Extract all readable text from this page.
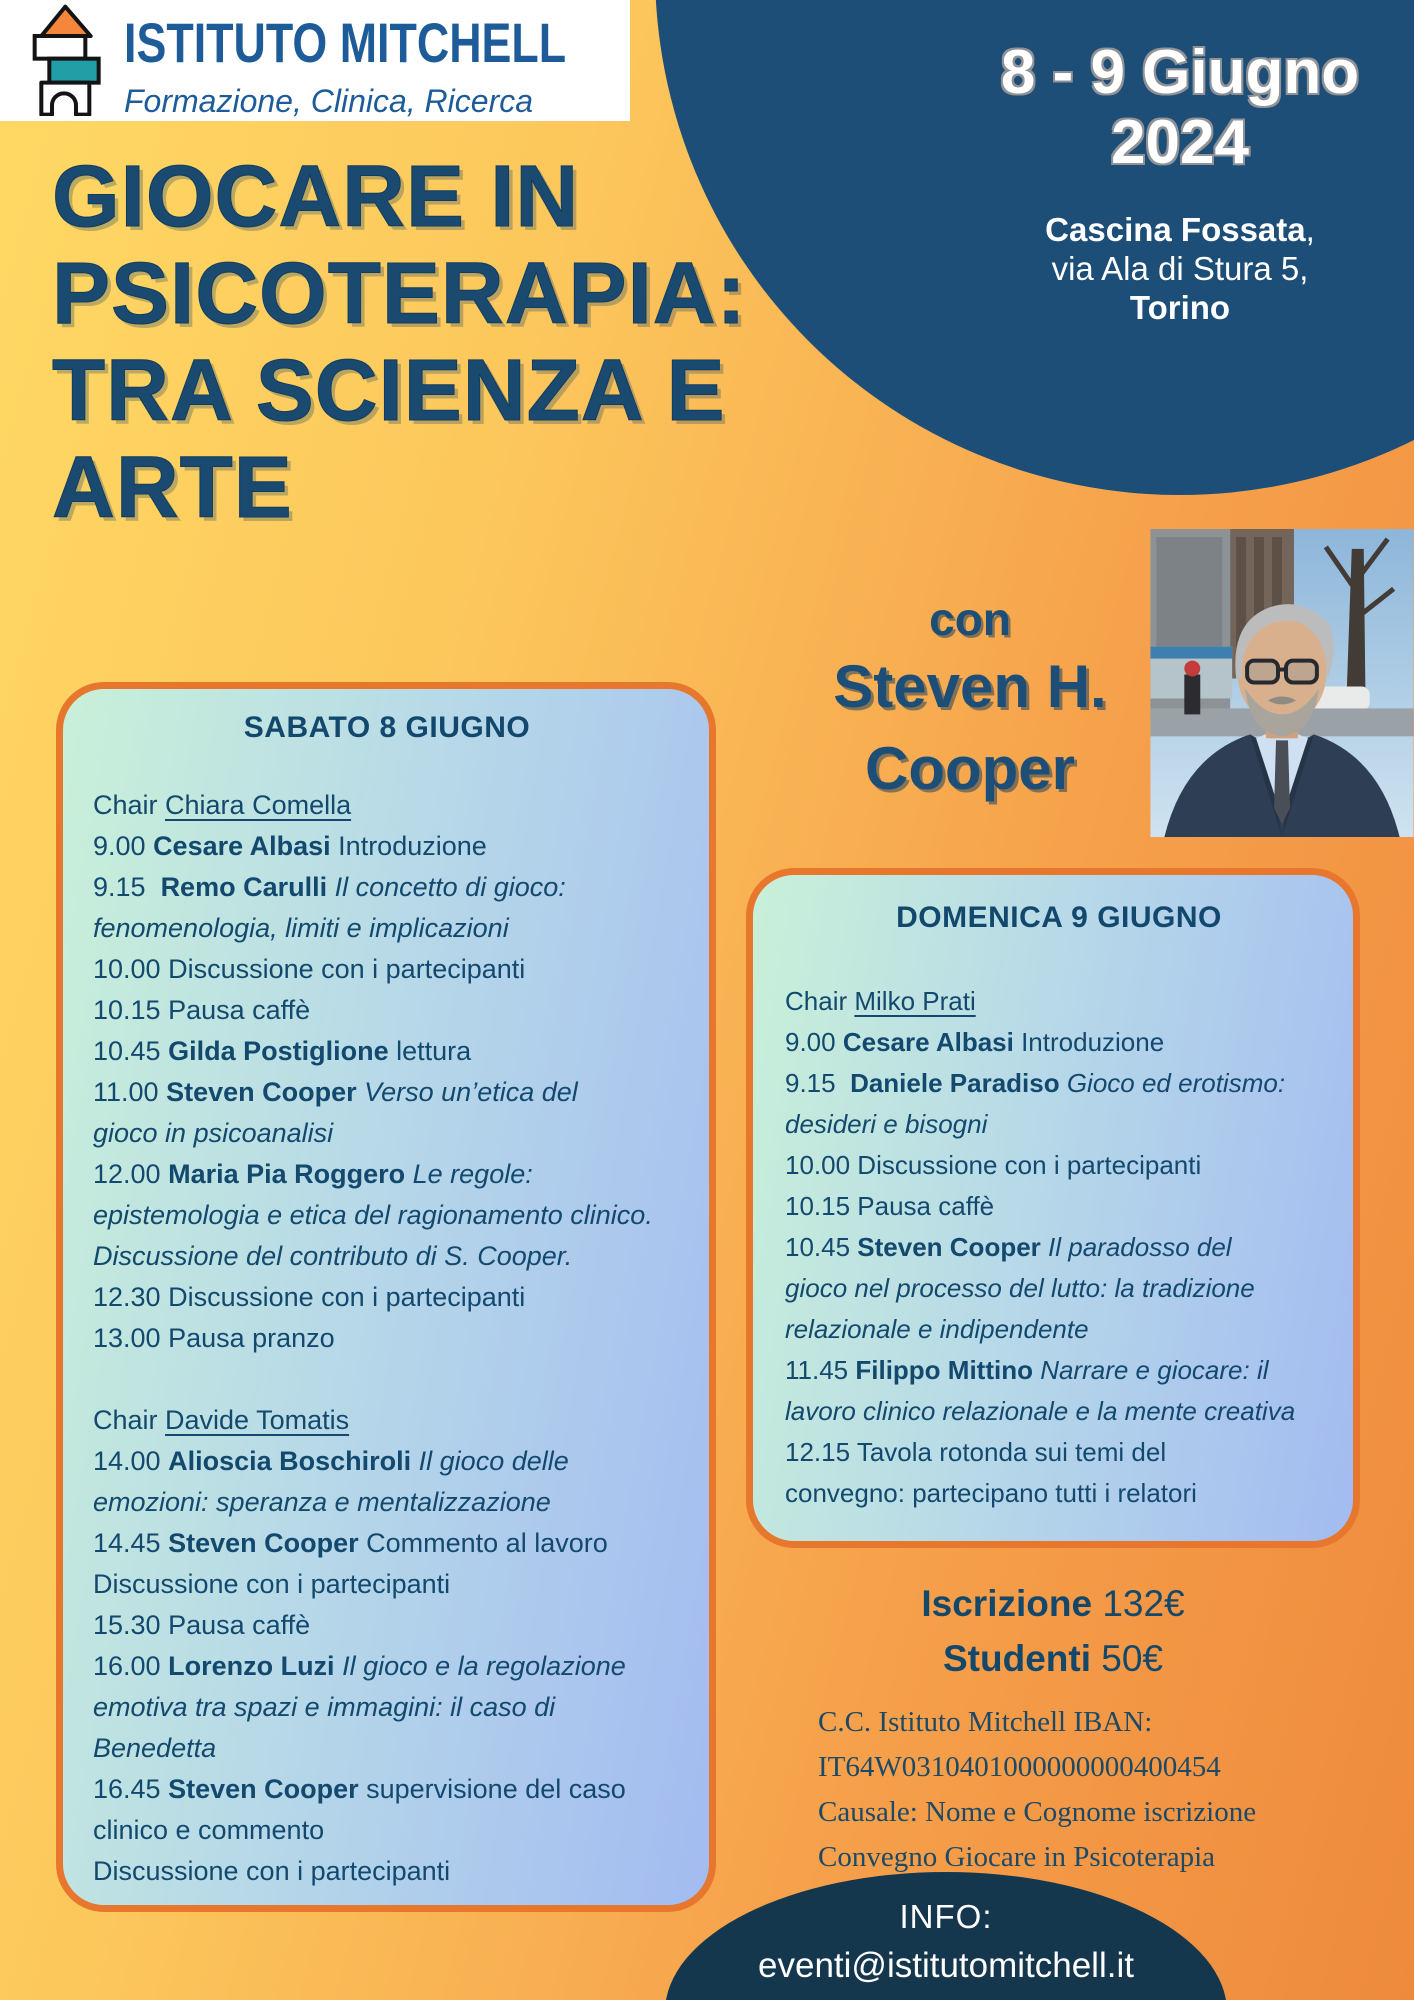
8 - 9 Giugno
2024
Cascina Fossata,
via Ala di Stura 5,
Torino
ISTITUTO MITCHELL
Formazione, Clinica, Ricerca
GIOCARE IN
PSICOTERAPIA:
TRA SCIENZA E
ARTE
con
Steven H.
Cooper
SABATO 8 GIUGNO
Chair Chiara Comella
9.00 Cesare Albasi Introduzione
9.15  Remo Carulli Il concetto di gioco:
fenomenologia, limiti e implicazioni
10.00 Discussione con i partecipanti
10.15 Pausa caffè
10.45 Gilda Postiglione lettura
11.00 Steven Cooper Verso un’etica del
gioco in psicoanalisi
12.00 Maria Pia Roggero Le regole:
epistemologia e etica del ragionamento clinico.
Discussione del contributo di S. Cooper.
12.30 Discussione con i partecipanti
13.00 Pausa pranzo
Chair Davide Tomatis
14.00 Alioscia Boschiroli Il gioco delle
emozioni: speranza e mentalizzazione
14.45 Steven Cooper Commento al lavoro
Discussione con i partecipanti
15.30 Pausa caffè
16.00 Lorenzo Luzi Il gioco e la regolazione
emotiva tra spazi e immagini: il caso di
Benedetta
16.45 Steven Cooper supervisione del caso
clinico e commento
Discussione con i partecipanti
DOMENICA 9 GIUGNO
Chair Milko Prati
9.00 Cesare Albasi Introduzione
9.15  Daniele Paradiso Gioco ed erotismo:
desideri e bisogni
10.00 Discussione con i partecipanti
10.15 Pausa caffè
10.45 Steven Cooper Il paradosso del
gioco nel processo del lutto: la tradizione
relazionale e indipendente
11.45 Filippo Mittino Narrare e giocare: il
lavoro clinico relazionale e la mente creativa
12.15 Tavola rotonda sui temi del
convegno: partecipano tutti i relatori
Iscrizione 132€
Studenti 50€
C.C. Istituto Mitchell IBAN:
IT64W0310401000000000400454
Causale: Nome e Cognome iscrizione
Convegno Giocare in Psicoterapia
INFO:
eventi@istitutomitchell.it
